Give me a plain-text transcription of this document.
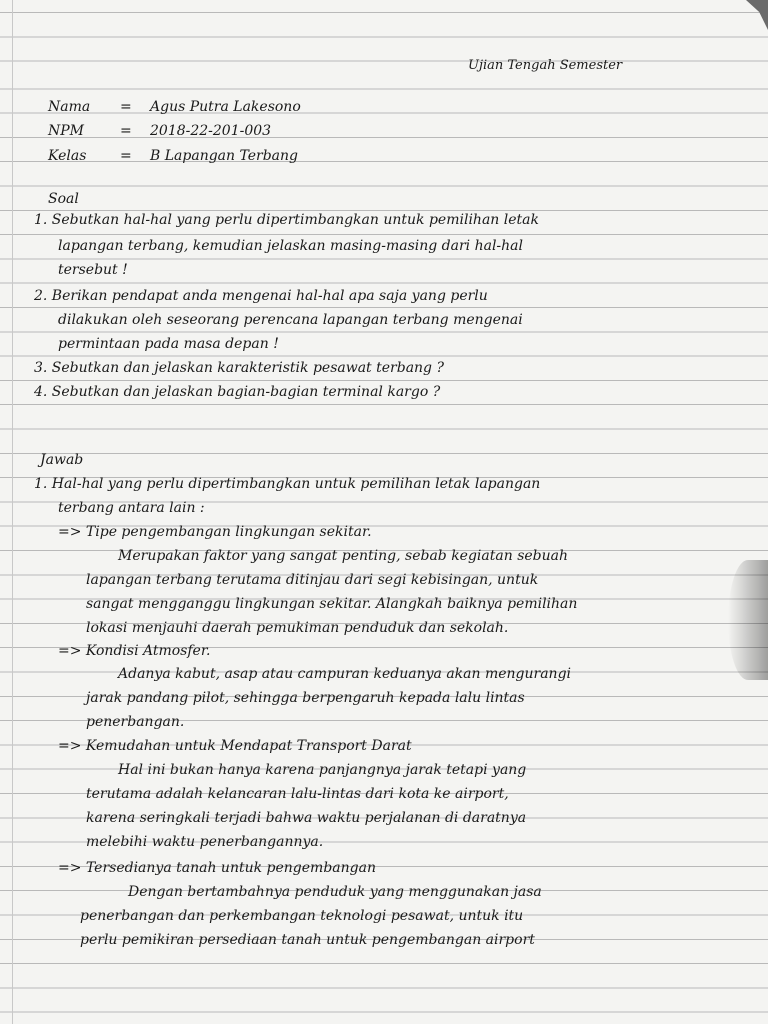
Ujian Tengah Semester
Nama = Agus Putra Lakesono
NPM	= 2018-22-201-003
Kelas = B Lapangan Terbang
Soal
1. Sebutkan hal-hal yang perlu dipertimbangkan untuk pemilihan letak
lapangan terbang, kemudian jelaskan masing-masing dari hal-hal
tersebut !
2. Berikan pendapat anda mengenai hal-hal apa saja yang perlu
dilakukan oleh seseorang perencana lapangan terbang mengenai
permintaan pada masa depan !
3. Sebutkan dan jelaskan karakteristik pesawat terbang ?
4. Sebutkan dan jelaskan bagian-bagian terminal kargo ?
Jawab
1. Hal-hal yang perlu dipertimbangkan untuk pemilihan letak lapangan
terbang antara lain :
=> Tipe pengembangan lingkungan sekitar.
Merupakan faktor yang sangat penting, sebab kegiatan sebuah
lapangan terbang terutama ditinjau dari segi kebisingan, untuk
sangat mengganggu lingkungan sekitar. Alangkah baiknya pemilihan
lokasi menjauhi daerah pemukiman penduduk dan sekolah.
=> Kondisi Atmosfer.
Adanya kabut, asap atau campuran keduanya akan mengurangi
jarak pandang pilot, sehingga berpengaruh kepada lalu lintas
penerbangan.
=> Kemudahan untuk Mendapat Transport Darat
Hal ini bukan hanya karena panjangnya jarak tetapi yang
terutama adalah kelancaran lalu-lintas dari kota ke airport,
karena seringkali terjadi bahwa waktu perjalanan di daratnya
melebihi waktu penerbangannya.
=> Tersedianya tanah untuk pengembangan
Dengan bertambahnya penduduk yang menggunakan jasa
penerbangan dan perkembangan teknologi pesawat, untuk itu
perlu pemikiran persediaan tanah untuk pengembangan airport
